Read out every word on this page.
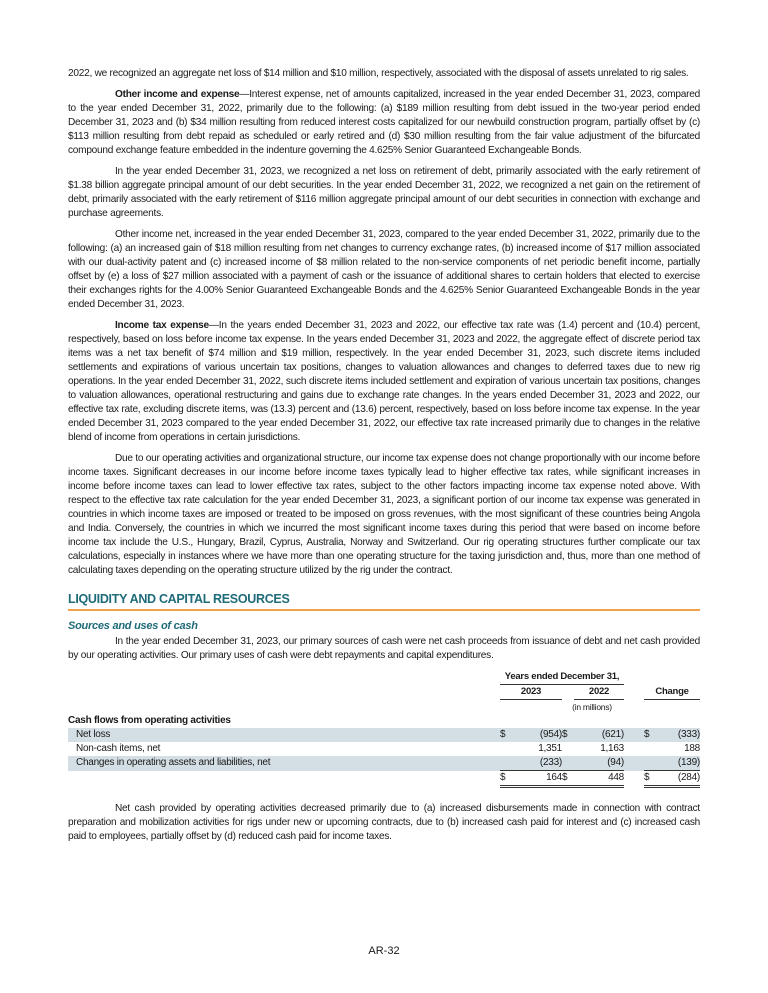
2022, we recognized an aggregate net loss of $14 million and $10 million, respectively, associated with the disposal of assets unrelated to rig sales.

Other income and expense—Interest expense, net of amounts capitalized, increased in the year ended December 31, 2023, compared to the year ended December 31, 2022, primarily due to the following: (a) $189 million resulting from debt issued in the two-year period ended December 31, 2023 and (b) $34 million resulting from reduced interest costs capitalized for our newbuild construction program, partially offset by (c) $113 million resulting from debt repaid as scheduled or early retired and (d) $30 million resulting from the fair value adjustment of the bifurcated compound exchange feature embedded in the indenture governing the 4.625% Senior Guaranteed Exchangeable Bonds.

In the year ended December 31, 2023, we recognized a net loss on retirement of debt, primarily associated with the early retirement of $1.38 billion aggregate principal amount of our debt securities. In the year ended December 31, 2022, we recognized a net gain on the retirement of debt, primarily associated with the early retirement of $116 million aggregate principal amount of our debt securities in connection with exchange and purchase agreements.

Other income net, increased in the year ended December 31, 2023, compared to the year ended December 31, 2022, primarily due to the following: (a) an increased gain of $18 million resulting from net changes to currency exchange rates, (b) increased income of $17 million associated with our dual-activity patent and (c) increased income of $8 million related to the non-service components of net periodic benefit income, partially offset by (e) a loss of $27 million associated with a payment of cash or the issuance of additional shares to certain holders that elected to exercise their exchanges rights for the 4.00% Senior Guaranteed Exchangeable Bonds and the 4.625% Senior Guaranteed Exchangeable Bonds in the year ended December 31, 2023.

Income tax expense—In the years ended December 31, 2023 and 2022, our effective tax rate was (1.4) percent and (10.4) percent, respectively, based on loss before income tax expense. In the years ended December 31, 2023 and 2022, the aggregate effect of discrete period tax items was a net tax benefit of $74 million and $19 million, respectively. In the year ended December 31, 2023, such discrete items included settlements and expirations of various uncertain tax positions, changes to valuation allowances and changes to deferred taxes due to new rig operations. In the year ended December 31, 2022, such discrete items included settlement and expiration of various uncertain tax positions, changes to valuation allowances, operational restructuring and gains due to exchange rate changes. In the years ended December 31, 2023 and 2022, our effective tax rate, excluding discrete items, was (13.3) percent and (13.6) percent, respectively, based on loss before income tax expense. In the year ended December 31, 2023 compared to the year ended December 31, 2022, our effective tax rate increased primarily due to changes in the relative blend of income from operations in certain jurisdictions.

Due to our operating activities and organizational structure, our income tax expense does not change proportionally with our income before income taxes. Significant decreases in our income before income taxes typically lead to higher effective tax rates, while significant increases in income before income taxes can lead to lower effective tax rates, subject to the other factors impacting income tax expense noted above. With respect to the effective tax rate calculation for the year ended December 31, 2023, a significant portion of our income tax expense was generated in countries in which income taxes are imposed or treated to be imposed on gross revenues, with the most significant of these countries being Angola and India. Conversely, the countries in which we incurred the most significant income taxes during this period that were based on income before income tax include the U.S., Hungary, Brazil, Cyprus, Australia, Norway and Switzerland. Our rig operating structures further complicate our tax calculations, especially in instances where we have more than one operating structure for the taxing jurisdiction and, thus, more than one method of calculating taxes depending on the operating structure utilized by the rig under the contract.

LIQUIDITY AND CAPITAL RESOURCES
Sources and uses of cash

In the year ended December 31, 2023, our primary sources of cash were net cash proceeds from issuance of debt and net cash provided by our operating activities. Our primary uses of cash were debt repayments and capital expenditures.

	Years ended December 31,						
	2023			2022		Change	
	(in millions)						
Cash flows from operating activities							
Net loss	$	(954)	$	(621)		$	(333)
Non-cash items, net		1,351		1,163			188
Changes in operating assets and liabilities, net		(233)		(94)			(139)
	$	164	$	448		$	(284)

Net cash provided by operating activities decreased primarily due to (a) increased disbursements made in connection with contract preparation and mobilization activities for rigs under new or upcoming contracts, due to (b) increased cash paid for interest and (c) increased cash paid to employees, partially offset by (d) reduced cash paid for income taxes.

AR-32
